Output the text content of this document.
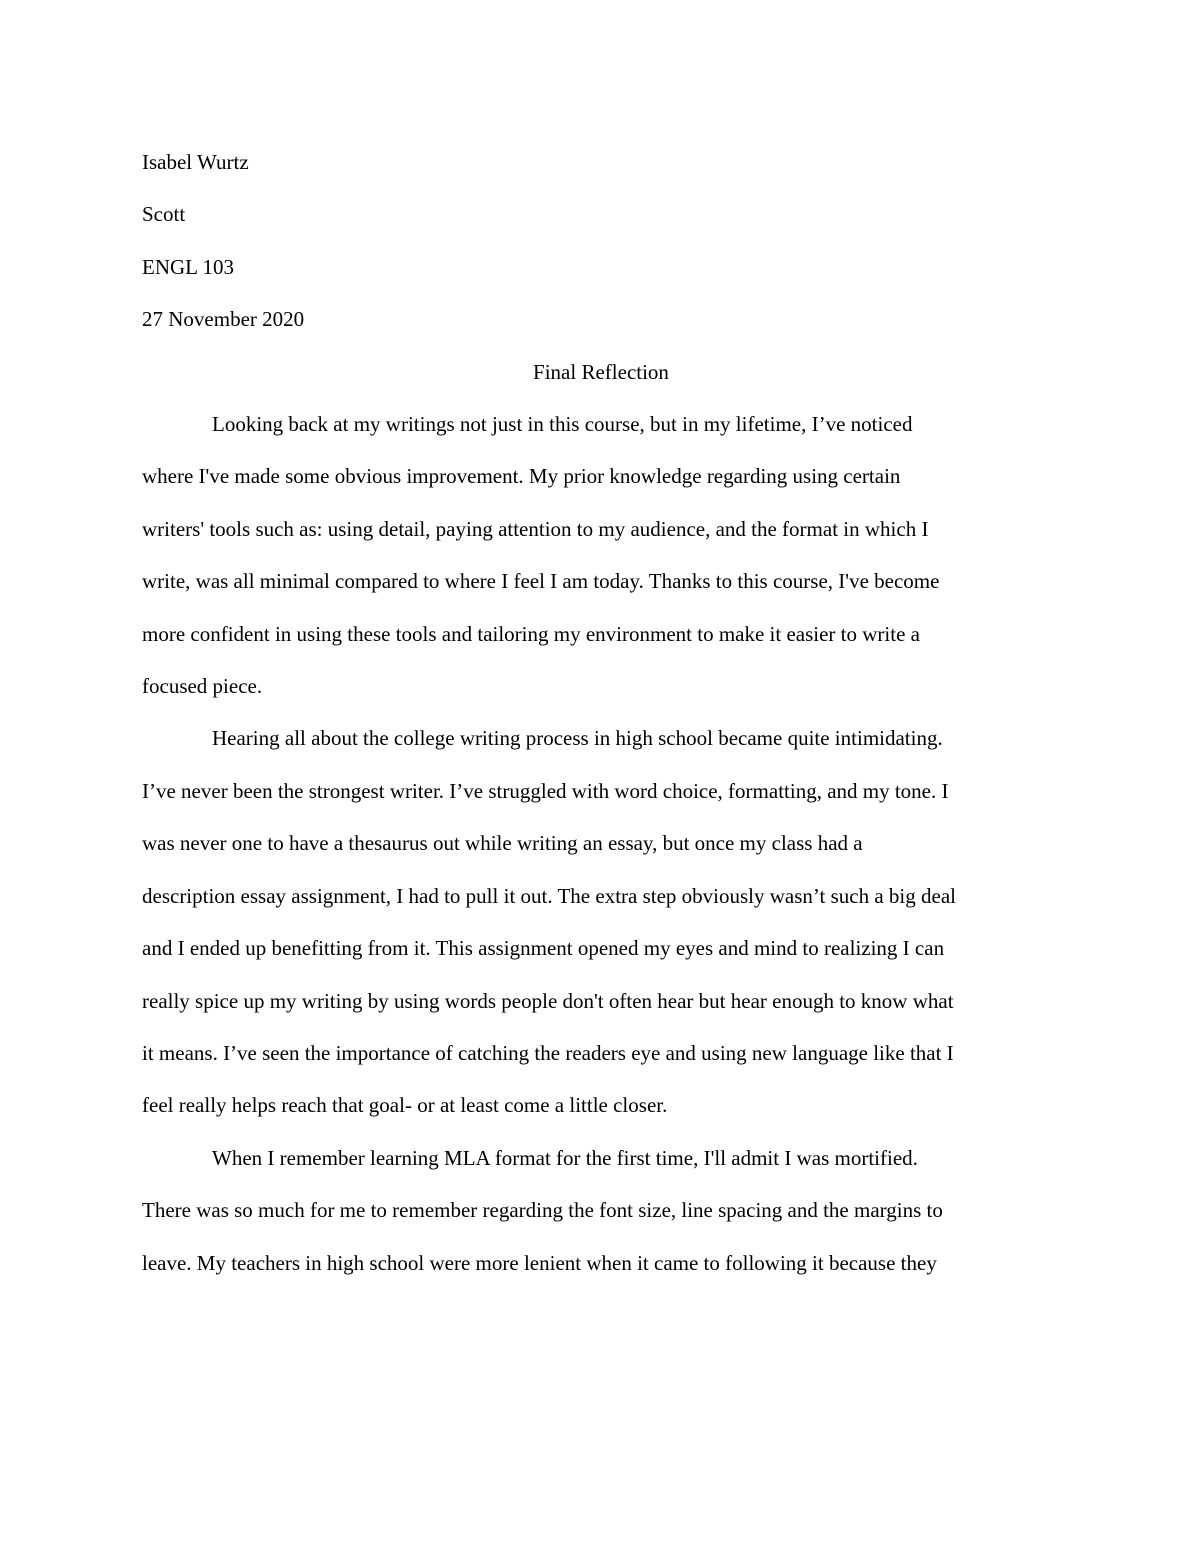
Isabel Wurtz

Scott

ENGL 103

27 November 2020

Final Reflection

Looking back at my writings not just in this course, but in my lifetime, I’ve noticed
where I've made some obvious improvement. My prior knowledge regarding using certain
writers' tools such as: using detail, paying attention to my audience, and the format in which I
write, was all minimal compared to where I feel I am today. Thanks to this course, I've become
more confident in using these tools and tailoring my environment to make it easier to write a
focused piece.
Hearing all about the college writing process in high school became quite intimidating.
I’ve never been the strongest writer. I’ve struggled with word choice, formatting, and my tone. I
was never one to have a thesaurus out while writing an essay, but once my class had a
description essay assignment, I had to pull it out. The extra step obviously wasn’t such a big deal
and I ended up benefitting from it. This assignment opened my eyes and mind to realizing I can
really spice up my writing by using words people don't often hear but hear enough to know what
it means. I’ve seen the importance of catching the readers eye and using new language like that I
feel really helps reach that goal- or at least come a little closer.
When I remember learning MLA format for the first time, I'll admit I was mortified.
There was so much for me to remember regarding the font size, line spacing and the margins to
leave. My teachers in high school were more lenient when it came to following it because they
